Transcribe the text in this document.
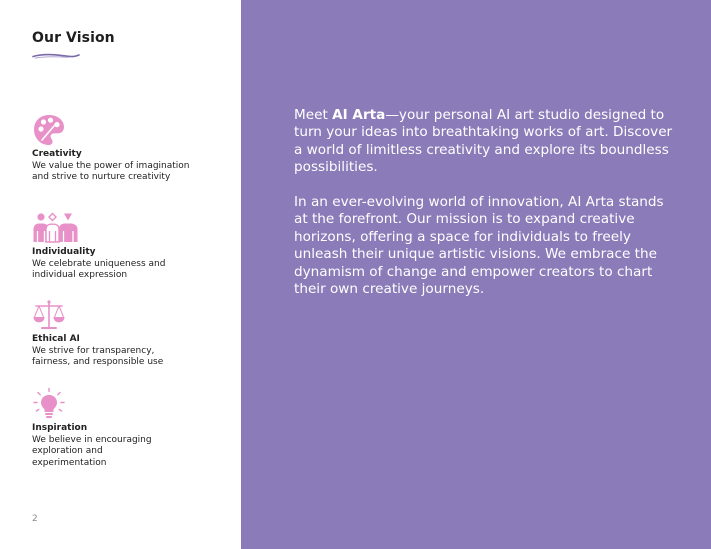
Our Vision
Creativity
We value the power of imagination and strive to nurture creativity
Individuality
We celebrate uniqueness and individual expression
Ethical AI
We strive for transparency, fairness, and responsible use
Inspiration
We believe in encouraging exploration and experimentation
2

Meet AI Arta—your personal AI art studio designed to turn your ideas into breathtaking works of art. Discover a world of limitless creativity and explore its boundless possibilities.

In an ever-evolving world of innovation, AI Arta stands at the forefront. Our mission is to expand creative horizons, offering a space for individuals to freely unleash their unique artistic visions. We embrace the dynamism of change and empower creators to chart their own creative journeys.
